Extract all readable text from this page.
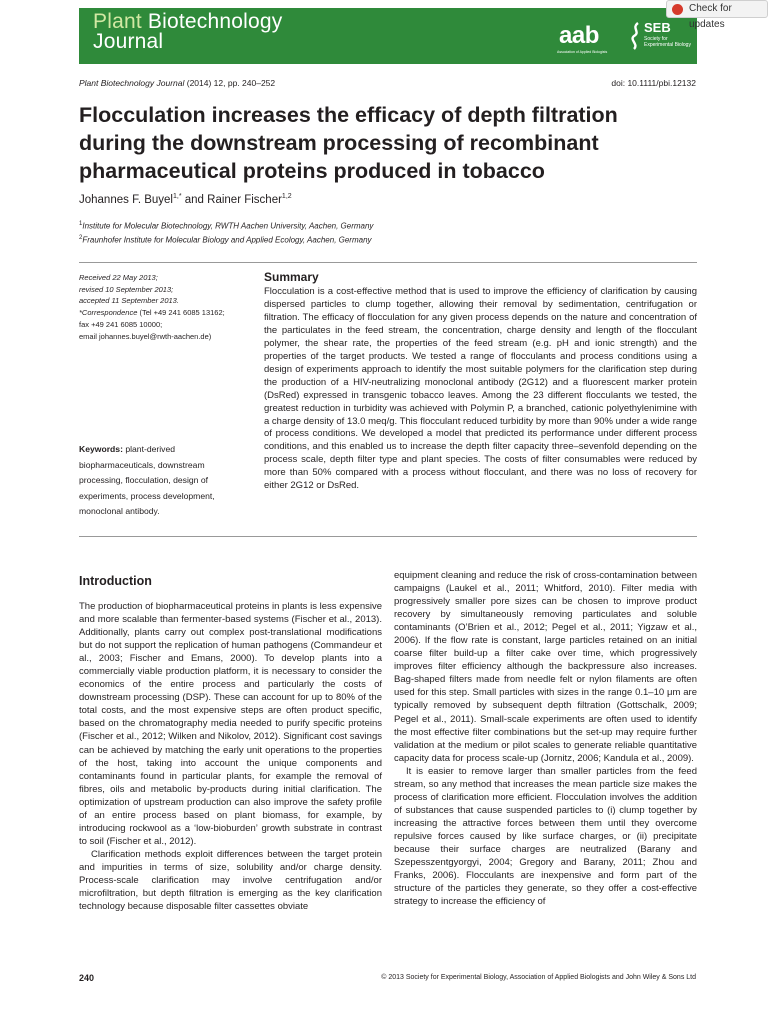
Plant Biotechnology
Journal	aab
Association of Applied Biologists
SEB
Society for
Experimental Biology
Check for updates
Plant Biotechnology Journal (2014) 12, pp. 240–252	doi: 10.1111/pbi.12132
Flocculation increases the efficacy of depth filtration during the downstream processing of recombinant pharmaceutical proteins produced in tobacco
Johannes F. Buyel$^{1,*}$ and Rainer Fischer$^{1,2}$
$^1$Institute for Molecular Biotechnology, RWTH Aachen University, Aachen, Germany
$^2$Fraunhofer Institute for Molecular Biology and Applied Ecology, Aachen, Germany
Received 22 May 2013;
revised 10 September 2013;
accepted 11 September 2013.
*Correspondence (Tel +49 241 6085 13162;
fax +49 241 6085 10000;
email johannes.buyel@rwth-aachen.de)
Keywords: plant-derived biopharmaceuticals, downstream processing, flocculation, design of experiments, process development, monoclonal antibody.
Summary

Flocculation is a cost-effective method that is used to improve the efficiency of clarification by causing dispersed particles to clump together, allowing their removal by sedimentation, centrifugation or filtration. The efficacy of flocculation for any given process depends on the nature and concentration of the particulates in the feed stream, the concentration, charge density and length of the flocculant polymer, the shear rate, the properties of the feed stream (e.g. pH and ionic strength) and the properties of the target products. We tested a range of flocculants and process conditions using a design of experiments approach to identify the most suitable polymers for the clarification step during the production of a HIV-neutralizing monoclonal antibody (2G12) and a fluorescent marker protein (DsRed) expressed in transgenic tobacco leaves. Among the 23 different flocculants we tested, the greatest reduction in turbidity was achieved with Polymin P, a branched, cationic polyethylenimine with a charge density of 13.0 meq/g. This flocculant reduced turbidity by more than 90% under a wide range of process conditions. We developed a model that predicted its performance under different process conditions, and this enabled us to increase the depth filter capacity three–sevenfold depending on the process scale, depth filter type and plant species. The costs of filter consumables were reduced by more than 50% compared with a process without flocculant, and there was no loss of recovery for either 2G12 or DsRed.

Introduction

The production of biopharmaceutical proteins in plants is less expensive and more scalable than fermenter-based systems (Fischer et al., 2013). Additionally, plants carry out complex post-translational modifications but do not support the replication of human pathogens (Commandeur et al., 2003; Fischer and Emans, 2000). To develop plants into a commercially viable production platform, it is necessary to consider the economics of the entire process and particularly the costs of downstream processing (DSP). These can account for up to 80% of the total costs, and the most expensive steps are often product specific, based on the chromatography media needed to purify specific proteins (Fischer et al., 2012; Wilken and Nikolov, 2012). Significant cost savings can be achieved by matching the early unit operations to the properties of the host, taking into account the unique components and contaminants found in particular plants, for example the removal of fibres, oils and metabolic by-products during initial clarification. The optimization of upstream production can also improve the safety profile of an entire process based on plant biomass, for example, by introducing rockwool as a ‘low-bioburden’ growth substrate in contrast to soil (Fischer et al., 2012).

Clarification methods exploit differences between the target protein and impurities in terms of size, solubility and/or charge density. Process-scale clarification may involve centrifugation and/or microfiltration, but depth filtration is emerging as the key clarification technology because disposable filter cassettes obviate

equipment cleaning and reduce the risk of cross-contamination between campaigns (Laukel et al., 2011; Whitford, 2010). Filter media with progressively smaller pore sizes can be chosen to improve product recovery by simultaneously removing particulates and soluble contaminants (O’Brien et al., 2012; Pegel et al., 2011; Yigzaw et al., 2006). If the flow rate is constant, large particles retained on an initial coarse filter build-up a filter cake over time, which progressively improves filter efficiency although the backpressure also increases. Bag-shaped filters made from needle felt or nylon filaments are often used for this step. Small particles with sizes in the range 0.1–10 μm are typically removed by subsequent depth filtration (Gottschalk, 2009; Pegel et al., 2011). Small-scale experiments are often used to identify the most effective filter combinations but the set-up may require further validation at the medium or pilot scales to generate reliable quantitative capacity data for process scale-up (Jornitz, 2006; Kandula et al., 2009).

It is easier to remove larger than smaller particles from the feed stream, so any method that increases the mean particle size makes the process of clarification more efficient. Flocculation involves the addition of substances that cause suspended particles to (i) clump together by increasing the attractive forces between them until they overcome repulsive forces caused by like surface charges, or (ii) precipitate because their surface charges are neutralized (Barany and Szepesszentgyorgyi, 2004; Gregory and Barany, 2011; Zhou and Franks, 2006). Flocculants are inexpensive and form part of the structure of the particles they generate, so they offer a cost-effective strategy to increase the efficiency of

240	© 2013 Society for Experimental Biology, Association of Applied Biologists and John Wiley & Sons Ltd
